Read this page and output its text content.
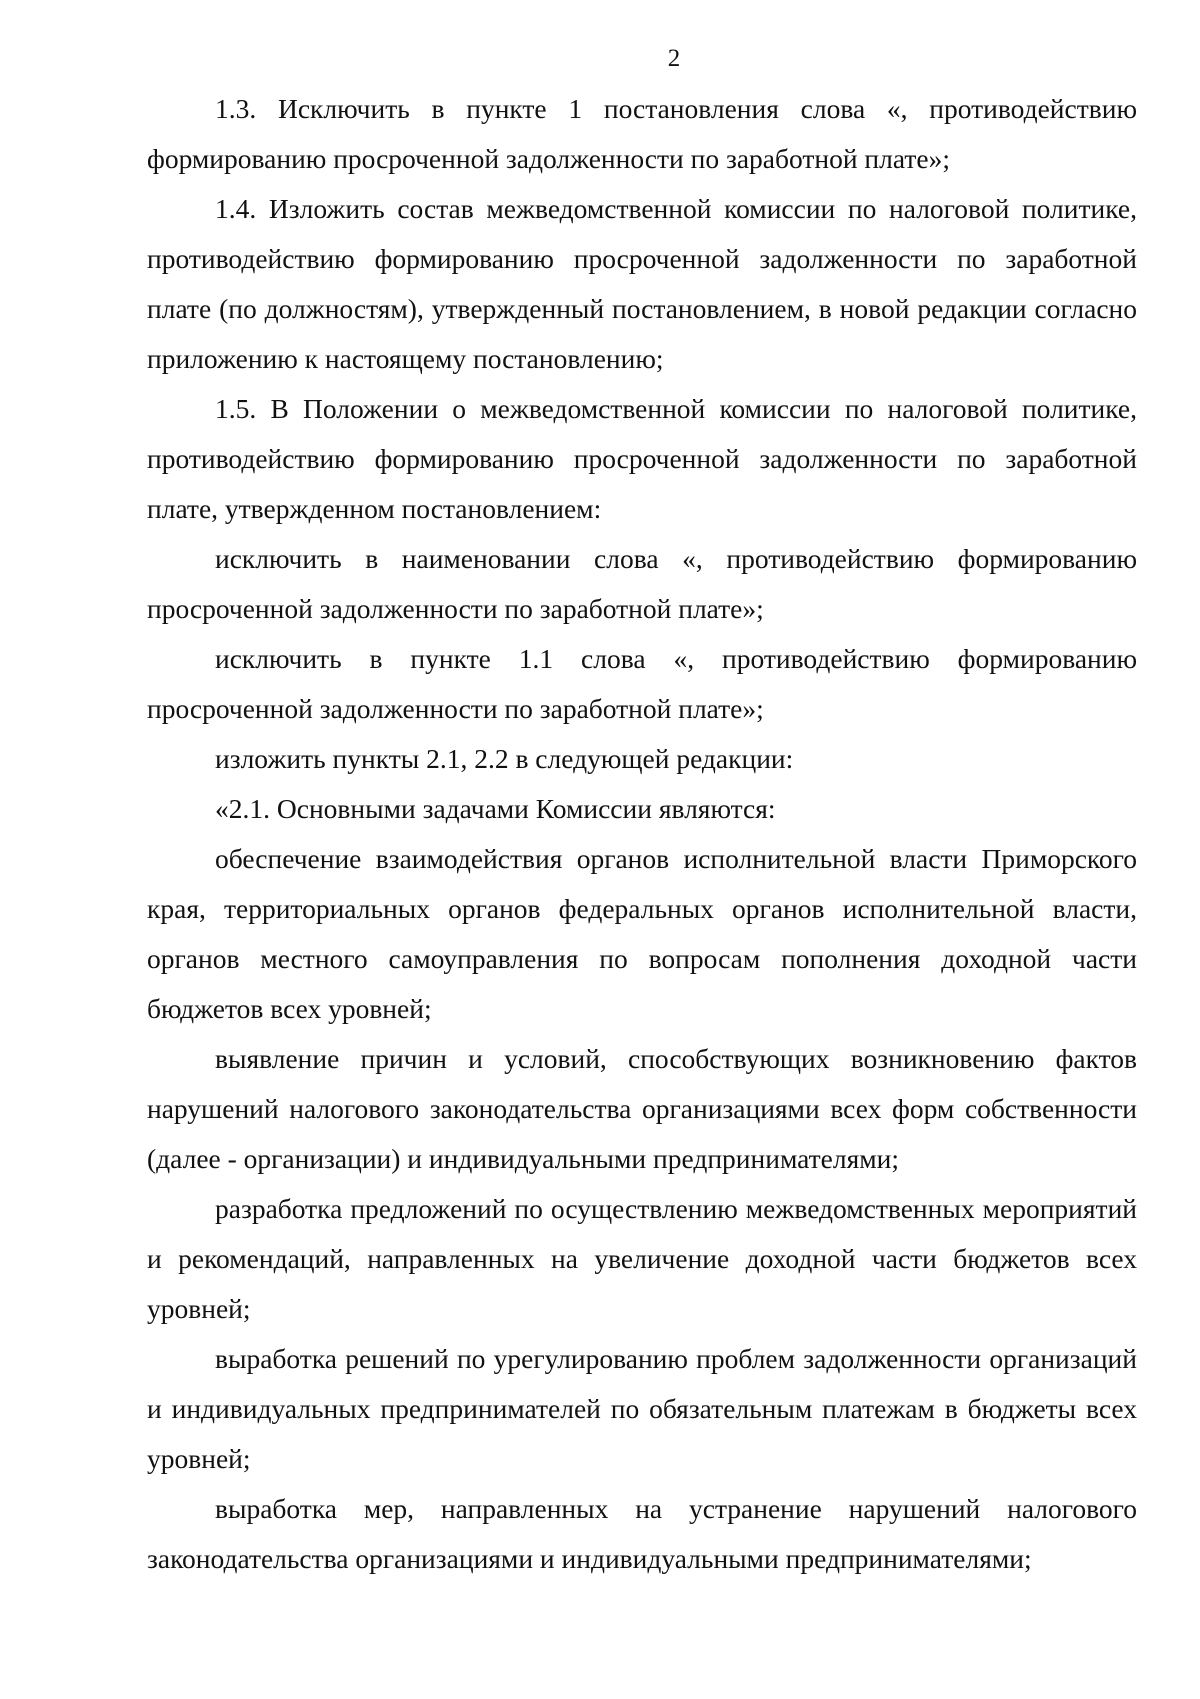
2

1.3. Исключить в пункте 1 постановления слова «, противодействию формированию просроченной задолженности по заработной плате»;

1.4. Изложить состав межведомственной комиссии по налоговой политике, противодействию формированию просроченной задолженности по заработной плате (по должностям), утвержденный постановлением, в новой редакции согласно приложению к настоящему постановлению;

1.5. В Положении о межведомственной комиссии по налоговой политике, противодействию формированию просроченной задолженности по заработной плате, утвержденном постановлением:

исключить в наименовании слова «, противодействию формированию просроченной задолженности по заработной плате»;

исключить в пункте 1.1 слова «, противодействию формированию просроченной задолженности по заработной плате»;

изложить пункты 2.1, 2.2 в следующей редакции:

«2.1. Основными задачами Комиссии являются:

обеспечение взаимодействия органов исполнительной власти Приморского края, территориальных органов федеральных органов исполнительной власти, органов местного самоуправления по вопросам пополнения доходной части бюджетов всех уровней;

выявление причин и условий, способствующих возникновению фактов нарушений налогового законодательства организациями всех форм собственности (далее - организации) и индивидуальными предпринимателями;

разработка предложений по осуществлению межведомственных мероприятий и рекомендаций, направленных на увеличение доходной части бюджетов всех уровней;

выработка решений по урегулированию проблем задолженности организаций и индивидуальных предпринимателей по обязательным платежам в бюджеты всех уровней;

выработка мер, направленных на устранение нарушений налогового законодательства организациями и индивидуальными предпринимателями;
